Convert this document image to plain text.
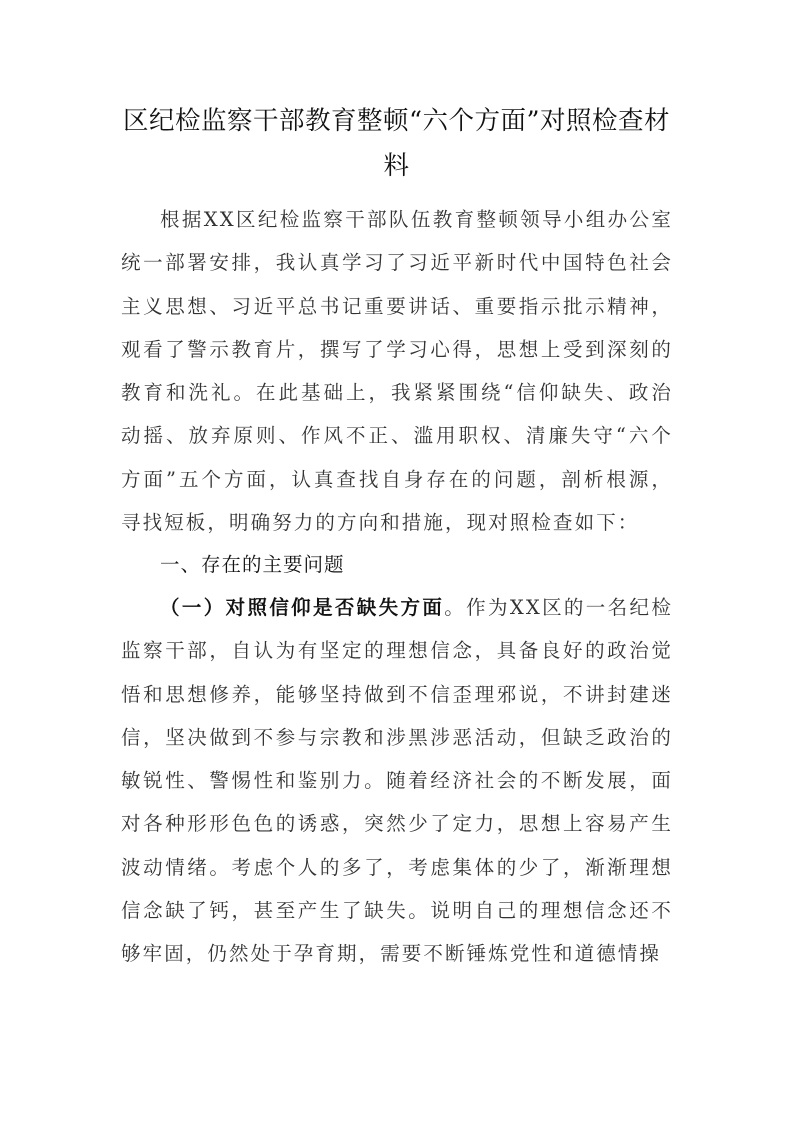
区纪检监察干部教育整顿“六个方面”对照检查材料

根据XX区纪检监察干部队伍教育整顿领导小组办公室统一部署安排，我认真学习了习近平新时代中国特色社会主义思想、习近平总书记重要讲话、重要指示批示精神，观看了警示教育片，撰写了学习心得，思想上受到深刻的教育和洗礼。在此基础上，我紧紧围绕“信仰缺失、政治动摇、放弃原则、作风不正、滥用职权、清廉失守“六个方面”五个方面，认真查找自身存在的问题，剖析根源，寻找短板，明确努力的方向和措施，现对照检查如下：

一、存在的主要问题

（一）对照信仰是否缺失方面。作为XX区的一名纪检监察干部，自认为有坚定的理想信念，具备良好的政治觉悟和思想修养，能够坚持做到不信歪理邪说，不讲封建迷信，坚决做到不参与宗教和涉黑涉恶活动，但缺乏政治的敏锐性、警惕性和鉴别力。随着经济社会的不断发展，面对各种形形色色的诱惑，突然少了定力，思想上容易产生波动情绪。考虑个人的多了，考虑集体的少了，渐渐理想信念缺了钙，甚至产生了缺失。说明自己的理想信念还不够牢固，仍然处于孕育期，需要不断锤炼党性和道德情操
